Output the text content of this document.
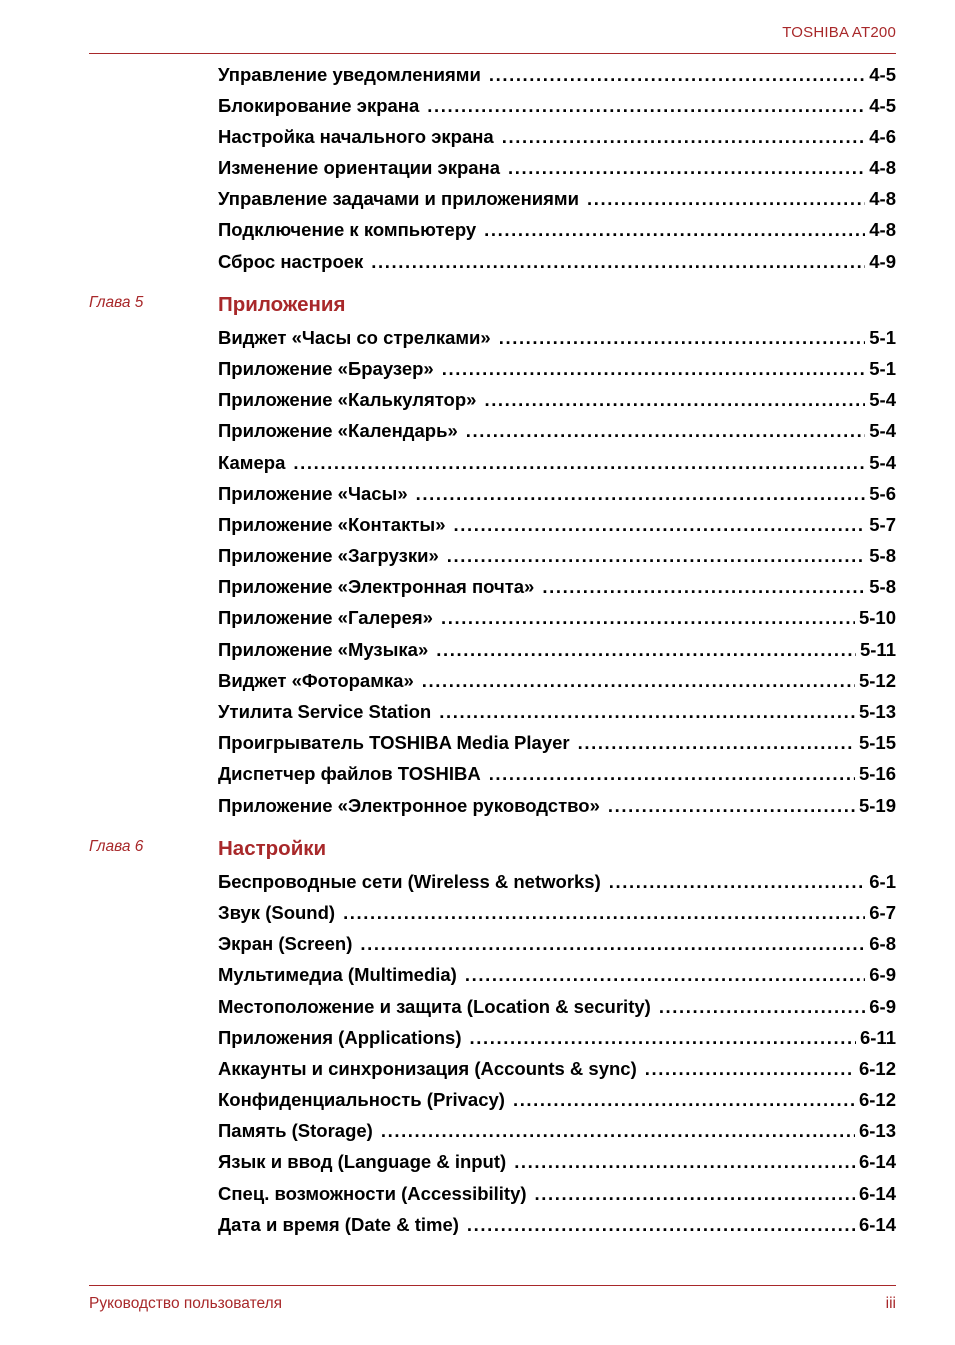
TOSHIBA AT200
Управление уведомлениями .....	4-5
Блокирование экрана .....	4-5
Настройка начального экрана .....	4-6
Изменение ориентации экрана .....	4-8
Управление задачами и приложениями .....	4-8
Подключение к компьютеру .....	4-8
Сброс настроек .....	4-9
Глава 5	Приложения
Виджет «Часы со стрелками» .....	5-1
Приложение «Браузер» .....	5-1
Приложение «Калькулятор» .....	5-4
Приложение «Календарь» .....	5-4
Камера .....	5-4
Приложение «Часы» .....	5-6
Приложение «Контакты» .....	5-7
Приложение «Загрузки» .....	5-8
Приложение «Электронная почта» .....	5-8
Приложение «Галерея» .....	5-10
Приложение «Музыка» .....	5-11
Виджет «Фоторамка» .....	5-12
Утилита Service Station .....	5-13
Проигрыватель TOSHIBA Media Player .....	5-15
Диспетчер файлов TOSHIBA .....	5-16
Приложение «Электронное руководство» .....	5-19
Глава 6	Настройки
Беспроводные сети (Wireless & networks) .....	6-1
Звук (Sound) .....	6-7
Экран (Screen) .....	6-8
Мультимедиа (Multimedia) .....	6-9
Местоположение и защита (Location & security) .....	6-9
Приложения (Applications) .....	6-11
Аккаунты и синхронизация (Accounts & sync) .....	6-12
Конфиденциальность (Privacy) .....	6-12
Память (Storage) .....	6-13
Язык и ввод (Language & input) .....	6-14
Спец. возможности (Accessibility) .....	6-14
Дата и время (Date & time) .....	6-14
Руководство пользователя	iii
